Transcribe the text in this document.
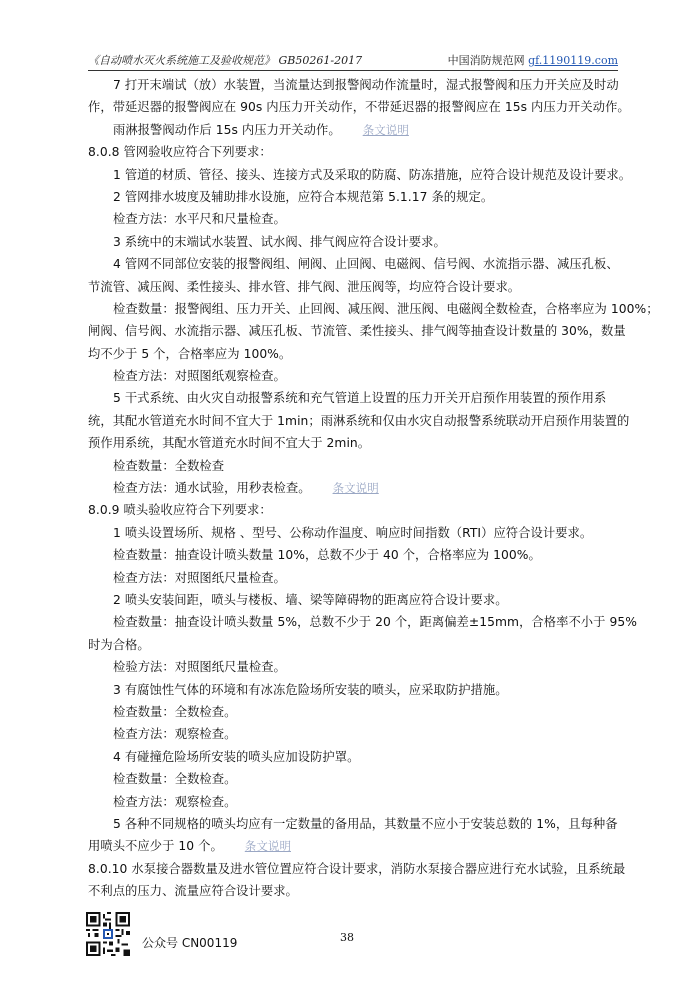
《自动喷水灭火系统施工及验收规范》 GB50261-2017	中国消防规范网 gf.1190119.com
7 打开末端试（放）水装置，当流量达到报警阀动作流量时，湿式报警阀和压力开关应及时动
作，带延迟器的报警阀应在 90s 内压力开关动作，不带延迟器的报警阀应在 15s 内压力开关动作。
雨淋报警阀动作后 15s 内压力开关动作。 条文说明
8.0.8 管网验收应符合下列要求：
1 管道的材质、管径、接头、连接方式及采取的防腐、防冻措施，应符合设计规范及设计要求。
2 管网排水坡度及辅助排水设施，应符合本规范第 5.1.17 条的规定。
检查方法：水平尺和尺量检查。
3 系统中的末端试水装置、试水阀、排气阀应符合设计要求。
4 管网不同部位安装的报警阀组、闸阀、止回阀、电磁阀、信号阀、水流指示器、减压孔板、
节流管、减压阀、柔性接头、排水管、排气阀、泄压阀等，均应符合设计要求。
检查数量：报警阀组、压力开关、止回阀、减压阀、泄压阀、电磁阀全数检查，合格率应为 100%；
闸阀、信号阀、水流指示器、减压孔板、节流管、柔性接头、排气阀等抽查设计数量的 30%，数量
均不少于 5 个，合格率应为 100%。
检查方法：对照图纸观察检查。
5 干式系统、由火灾自动报警系统和充气管道上设置的压力开关开启预作用装置的预作用系
统，其配水管道充水时间不宜大于 1min；雨淋系统和仅由水灾自动报警系统联动开启预作用装置的
预作用系统，其配水管道充水时间不宜大于 2min。
检查数量：全数检查
检查方法：通水试验，用秒表检查。 条文说明
8.0.9 喷头验收应符合下列要求：
1 喷头设置场所、规格 、型号、公称动作温度、响应时间指数（RTI）应符合设计要求。
检查数量：抽查设计喷头数量 10%，总数不少于 40 个，合格率应为 100%。
检查方法：对照图纸尺量检查。
2 喷头安装间距，喷头与楼板、墙、梁等障碍物的距离应符合设计要求。
检查数量：抽查设计喷头数量 5%，总数不少于 20 个，距离偏差±15mm，合格率不小于 95%
时为合格。
检验方法：对照图纸尺量检查。
3 有腐蚀性气体的环境和有冰冻危险场所安装的喷头，应采取防护措施。
检查数量：全数检查。
检查方法：观察检查。
4 有碰撞危险场所安装的喷头应加设防护罩。
检查数量：全数检查。
检查方法：观察检查。
5 各种不同规格的喷头均应有一定数量的备用品，其数量不应小于安装总数的 1%，且每种备
用喷头不应少于 10 个。 条文说明
8.0.10 水泵接合器数量及进水管位置应符合设计要求，消防水泵接合器应进行充水试验，且系统最
不利点的压力、流量应符合设计要求。
公众号 CN00119	38
